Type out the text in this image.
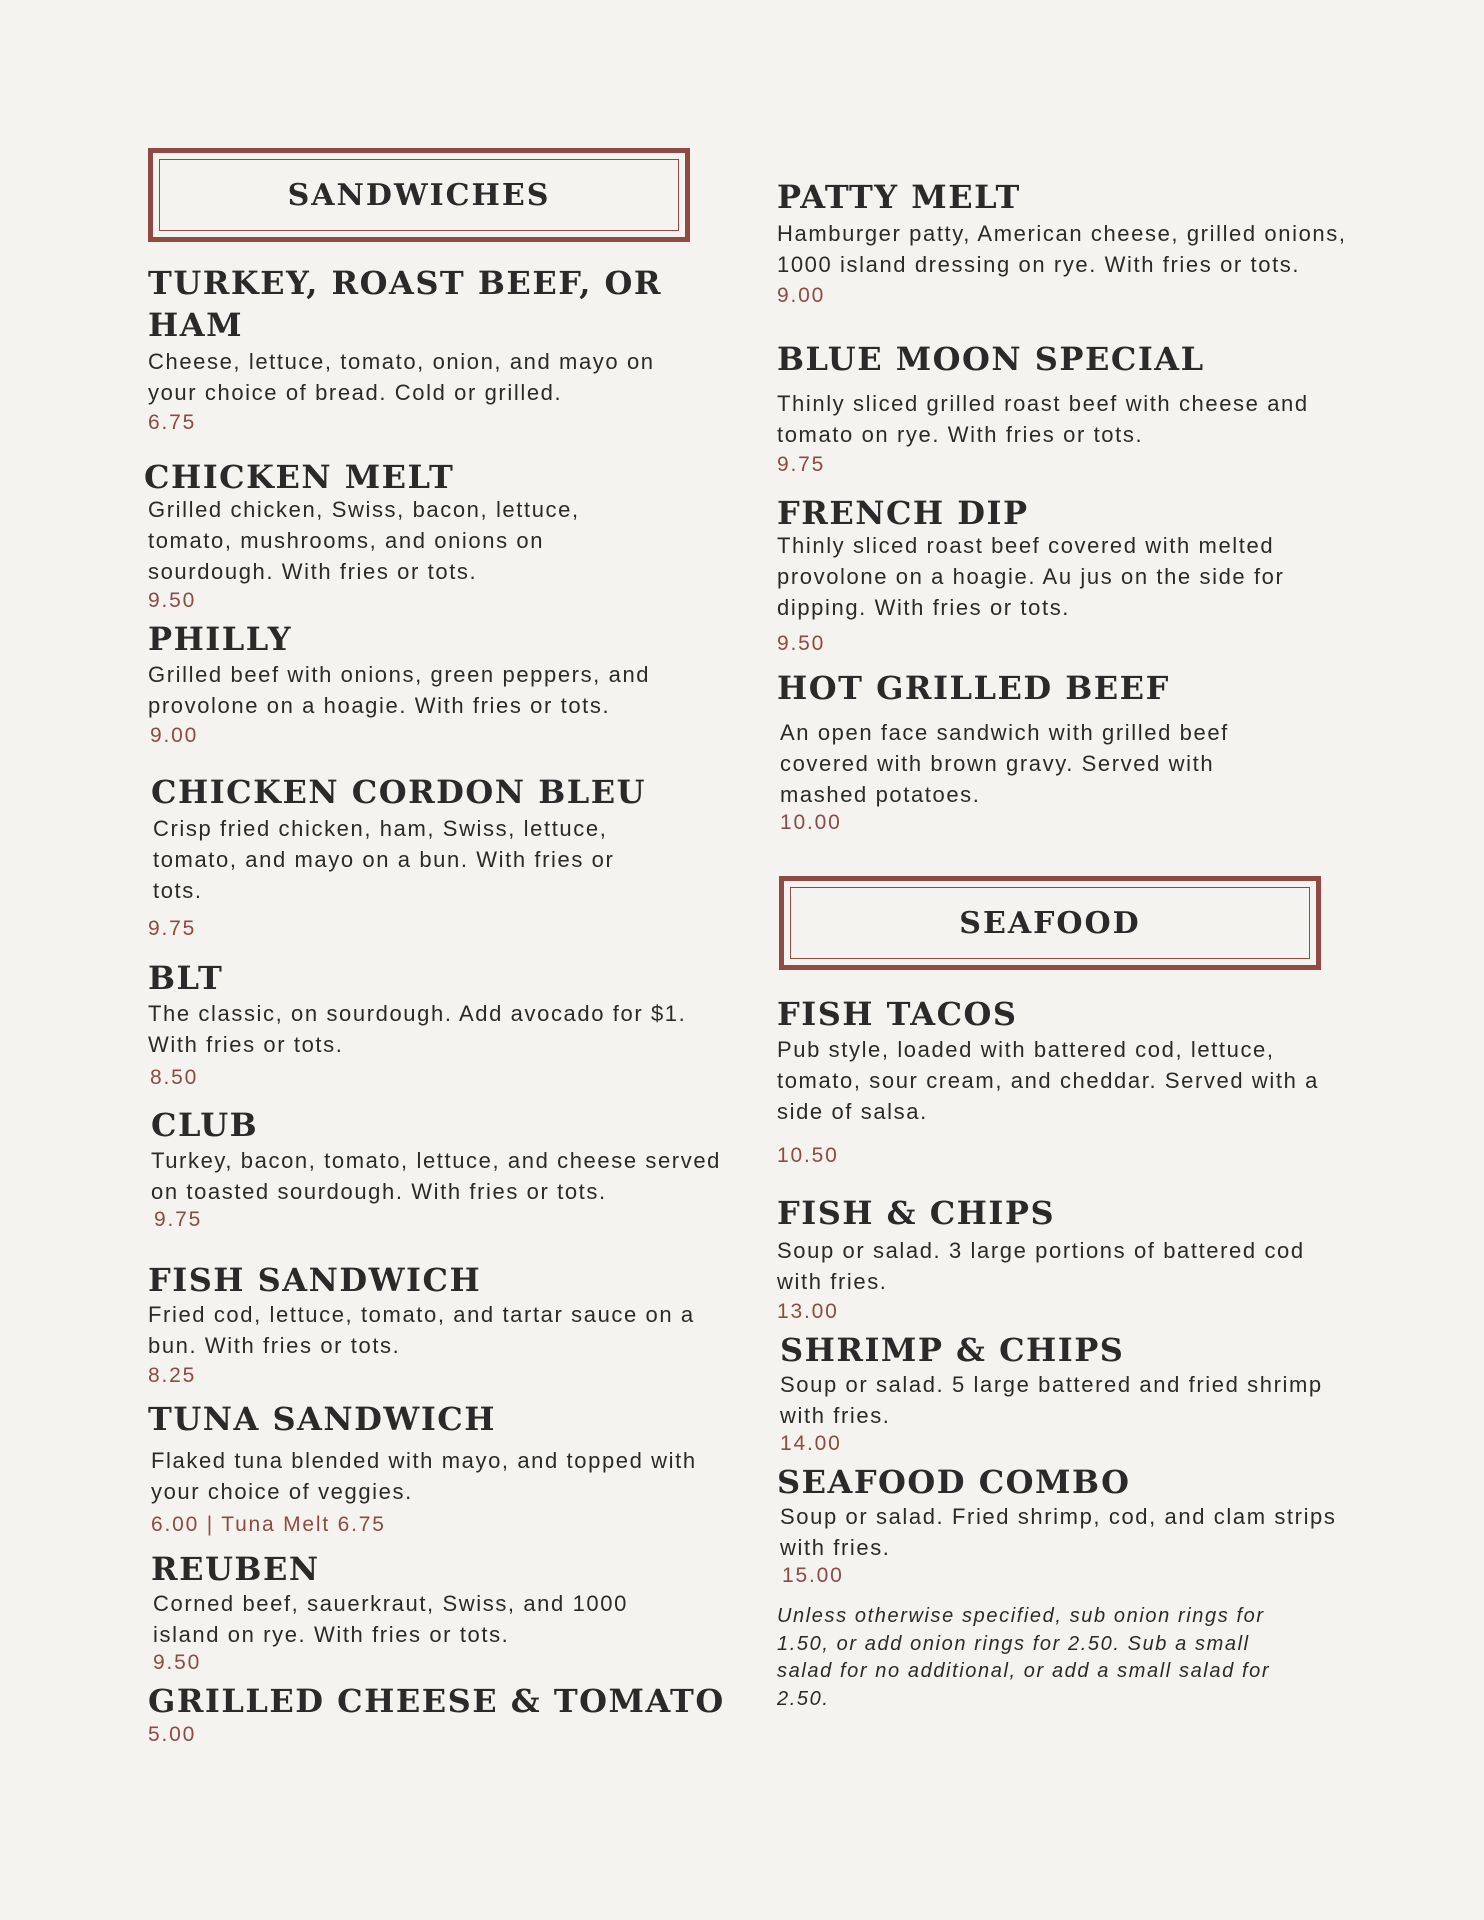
SANDWICHES
TURKEY, ROAST BEEF, OR HAM

Cheese, lettuce, tomato, onion, and mayo on your choice of bread. Cold or grilled.

6.75

CHICKEN MELT

Grilled chicken, Swiss, bacon, lettuce, tomato, mushrooms, and onions on sourdough. With fries or tots.

9.50

PHILLY

Grilled beef with onions, green peppers, and provolone on a hoagie. With fries or tots.

9.00

CHICKEN CORDON BLEU

Crisp fried chicken, ham, Swiss, lettuce, tomato, and mayo on a bun. With fries or tots.

9.75

BLT

The classic, on sourdough. Add avocado for $1. With fries or tots.

8.50

CLUB

Turkey, bacon, tomato, lettuce, and cheese served on toasted sourdough. With fries or tots.

9.75

FISH SANDWICH

Fried cod, lettuce, tomato, and tartar sauce on a bun. With fries or tots.

8.25

TUNA SANDWICH

Flaked tuna blended with mayo, and topped with your choice of veggies.

6.00 | Tuna Melt 6.75

REUBEN

Corned beef, sauerkraut, Swiss, and 1000 island on rye. With fries or tots.

9.50

GRILLED CHEESE & TOMATO

5.00

PATTY MELT

Hamburger patty, American cheese, grilled onions, 1000 island dressing on rye. With fries or tots.

9.00

BLUE MOON SPECIAL

Thinly sliced grilled roast beef with cheese and tomato on rye. With fries or tots.

9.75

FRENCH DIP

Thinly sliced roast beef covered with melted provolone on a hoagie. Au jus on the side for dipping. With fries or tots.

9.50

HOT GRILLED BEEF

An open face sandwich with grilled beef covered with brown gravy. Served with mashed potatoes.

10.00

SEAFOOD
FISH TACOS

Pub style, loaded with battered cod, lettuce, tomato, sour cream, and cheddar. Served with a side of salsa.

10.50

FISH & CHIPS

Soup or salad. 3 large portions of battered cod with fries.

13.00

SHRIMP & CHIPS

Soup or salad. 5 large battered and fried shrimp with fries.

14.00

SEAFOOD COMBO

Soup or salad. Fried shrimp, cod, and clam strips with fries.

15.00

Unless otherwise specified, sub onion rings for 1.50, or add onion rings for 2.50. Sub a small salad for no additional, or add a small salad for 2.50.
